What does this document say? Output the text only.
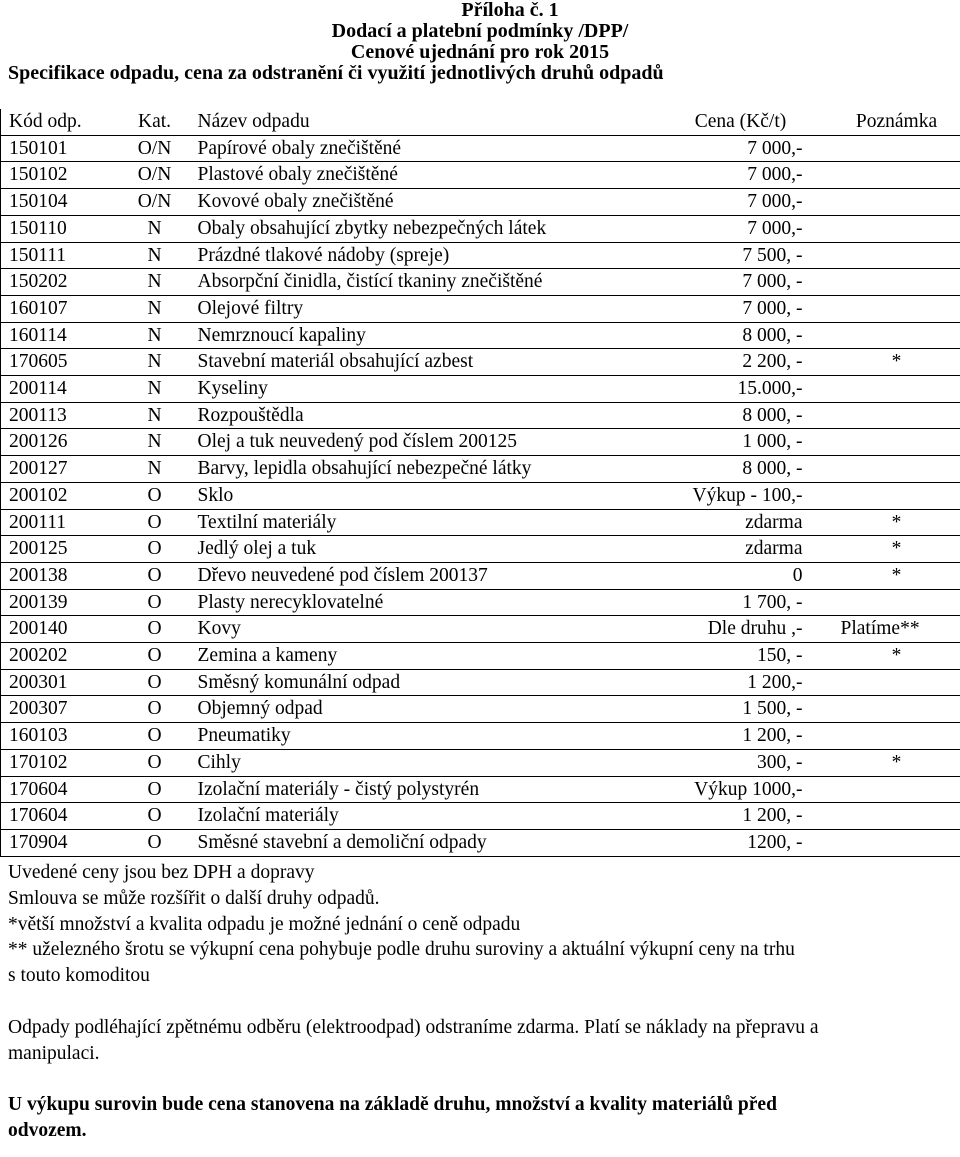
Příloha č. 1
Dodací a platební podmínky /DPP/
Cenové ujednání pro rok 2015
Specifikace odpadu, cena za odstranění či využití jednotlivých druhů odpadů
Kód odp.	Kat.	Název odpadu	Cena (Kč/t)	Poznámka
150101	O/N	Papírové obaly znečištěné	7 000,-	
150102	O/N	Plastové obaly znečištěné	7 000,-	
150104	O/N	Kovové obaly znečištěné	7 000,-	
150110	N	Obaly obsahující zbytky nebezpečných látek	7 000,-	
150111	N	Prázdné tlakové nádoby (spreje)	7 500, -	
150202	N	Absorpční činidla, čistící tkaniny znečištěné	7 000, -	
160107	N	Olejové filtry	7 000, -	
160114	N	Nemrznoucí kapaliny	8 000, -	
170605	N	Stavební materiál obsahující azbest	2 200, -	*
200114	N	Kyseliny	15.000,-	
200113	N	Rozpouštědla	8 000, -	
200126	N	Olej a tuk neuvedený pod číslem 200125	1 000, -	
200127	N	Barvy, lepidla obsahující nebezpečné látky	8 000, -	
200102	O	Sklo	Výkup - 100,-	
200111	O	Textilní materiály	zdarma	*
200125	O	Jedlý olej a tuk	zdarma	*
200138	O	Dřevo neuvedené pod číslem 200137	0	*
200139	O	Plasty nerecyklovatelné	1 700, -	
200140	O	Kovy	Dle druhu ,-	Platíme**
200202	O	Zemina a kameny	150, -	*
200301	O	Směsný komunální odpad	1 200,-	
200307	O	Objemný odpad	1 500, -	
160103	O	Pneumatiky	1 200, -	
170102	O	Cihly	300, -	*
170604	O	Izolační materiály - čistý polystyrén	Výkup 1000,-	
170604	O	Izolační materiály	1 200, -	
170904	O	Směsné stavební a demoliční odpady	1200, -	

Uvedené ceny jsou bez DPH a dopravy

Smlouva se může rozšířit o další druhy odpadů.

*větší množství a kvalita odpadu je možné jednání o ceně odpadu

** uželezného šrotu se výkupní cena pohybuje podle druhu suroviny a aktuální výkupní ceny na trhu

s touto komoditou

Odpady podléhající zpětnému odběru (elektroodpad) odstraníme zdarma. Platí se náklady na přepravu a

manipulaci.

U výkupu surovin bude cena stanovena na základě druhu, množství a kvality materiálů před

odvozem.
